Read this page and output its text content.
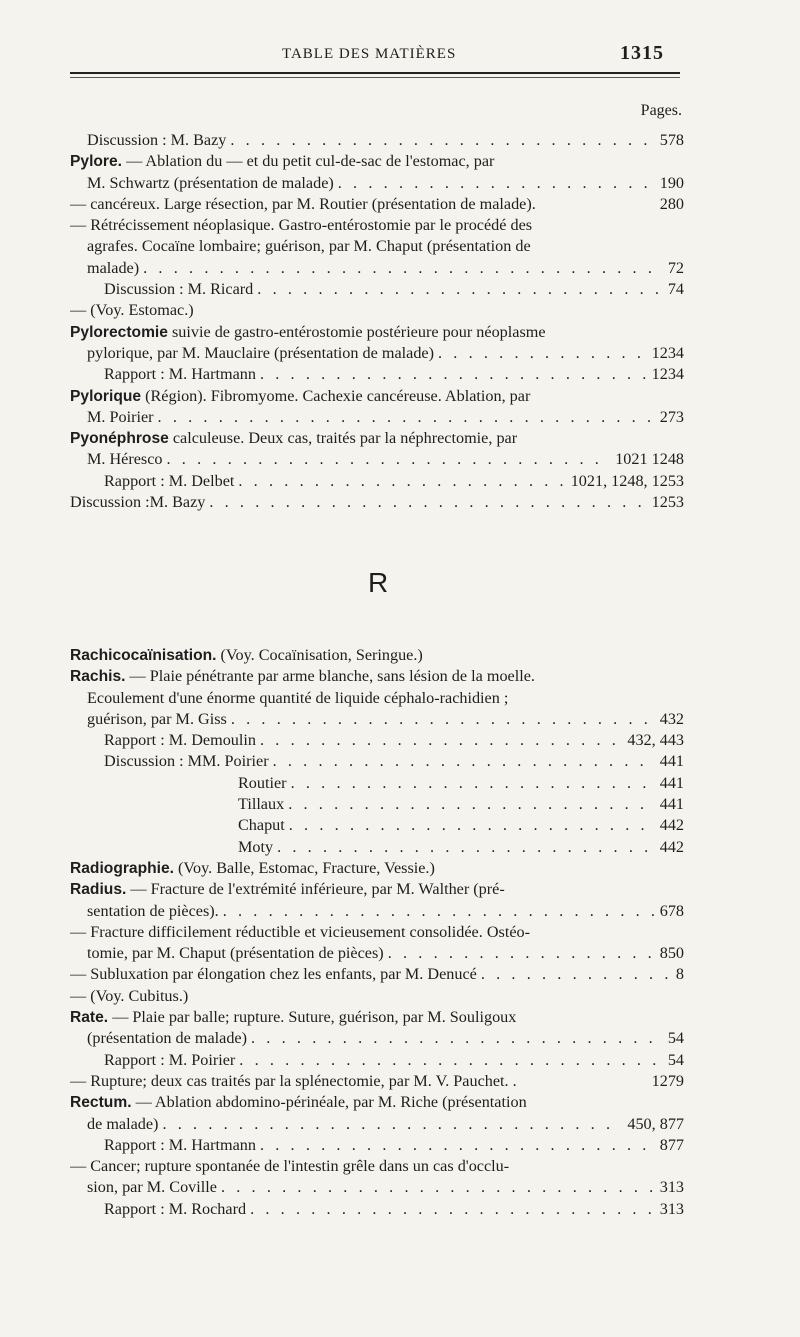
TABLE DES MATIÈRES	1315
Pages.
Discussion : M. Bazy . . .	578
Pylore. — Ablation du — et du petit cul-de-sac de l'estomac, par
M. Schwartz (présentation de malade) . . .	190
— cancéreux. Large résection, par M. Routier (présentation de malade).	280
— Rétrécissement néoplasique. Gastro-entérostomie par le procédé des
agrafes. Cocaïne lombaire; guérison, par M. Chaput (présentation de
malade) . . .	72
Discussion : M. Ricard . . .	74
— (Voy. Estomac.)
Pylorectomie suivie de gastro-entérostomie postérieure pour néoplasme
pylorique, par M. Mauclaire (présentation de malade) . . .	1234
Rapport : M. Hartmann . . .	1234
Pylorique (Région). Fibromyome. Cachexie cancéreuse. Ablation, par
M. Poirier . . .	273
Pyonéphrose calculeuse. Deux cas, traités par la néphrectomie, par
M. Héresco . . .	1021 1248
Rapport : M. Delbet . . .	1021, 1248, 1253
Discussion :M. Bazy . . .	1253
R
Rachicocaïnisation. (Voy. Cocaïnisation, Seringue.)
Rachis. — Plaie pénétrante par arme blanche, sans lésion de la moelle.
Ecoulement d'une énorme quantité de liquide céphalo-rachidien ;
guérison, par M. Giss . . .	432
Rapport : M. Demoulin . . .	432, 443
Discussion : MM. Poirier . . .	441
Routier . . .	441
Tillaux . . .	441
Chaput . . .	442
Moty . . .	442
Radiographie. (Voy. Balle, Estomac, Fracture, Vessie.)
Radius. — Fracture de l'extrémité inférieure, par M. Walther (pré-
sentation de pièces). . . .	678
— Fracture difficilement réductible et vicieusement consolidée. Ostéo-
tomie, par M. Chaput (présentation de pièces) . . .	850
— Subluxation par élongation chez les enfants, par M. Denucé . . .	8
— (Voy. Cubitus.)
Rate. — Plaie par balle; rupture. Suture, guérison, par M. Souligoux
(présentation de malade) . . .	54
Rapport : M. Poirier . . .	54
— Rupture; deux cas traités par la splénectomie, par M. V. Pauchet. .	1279
Rectum. — Ablation abdomino-périnéale, par M. Riche (présentation
de malade) . . .	450, 877
Rapport : M. Hartmann . . .	877
— Cancer; rupture spontanée de l'intestin grêle dans un cas d'occlu-
sion, par M. Coville . . .	313
Rapport : M. Rochard . . .	313
